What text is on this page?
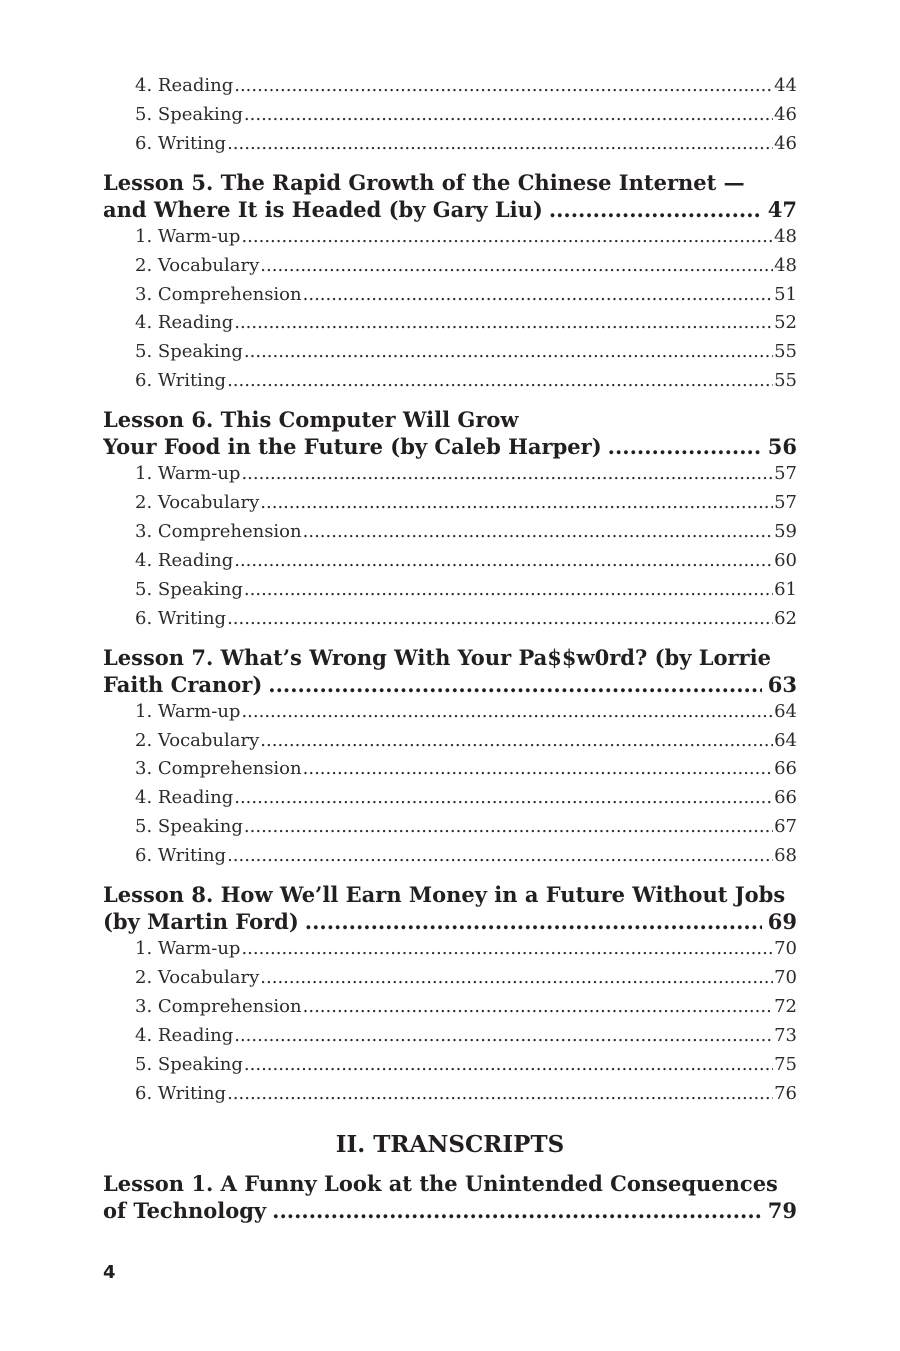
4. Reading .....	44
5. Speaking .....	46
6. Writing .....	46
Lesson 5. The Rapid Growth of the Chinese Internet —
and Where It is Headed (by Gary Liu) .....	47
1. Warm-up .....	48
2. Vocabulary .....	48
3. Comprehension .....	51
4. Reading .....	52
5. Speaking .....	55
6. Writing .....	55
Lesson 6. This Computer Will Grow
Your Food in the Future (by Caleb Harper) .....	56
1. Warm-up .....	57
2. Vocabulary .....	57
3. Comprehension .....	59
4. Reading .....	60
5. Speaking .....	61
6. Writing .....	62
Lesson 7. What’s Wrong With Your Pa$$w0rd? (by Lorrie
Faith Cranor) .....	63
1. Warm-up .....	64
2. Vocabulary .....	64
3. Comprehension .....	66
4. Reading .....	66
5. Speaking .....	67
6. Writing .....	68
Lesson 8. How We’ll Earn Money in a Future Without Jobs
(by Martin Ford) .....	69
1. Warm-up .....	70
2. Vocabulary .....	70
3. Comprehension .....	72
4. Reading .....	73
5. Speaking .....	75
6. Writing .....	76
II. TRANSCRIPTS
Lesson 1. A Funny Look at the Unintended Consequences
of Technology .....	79
4
